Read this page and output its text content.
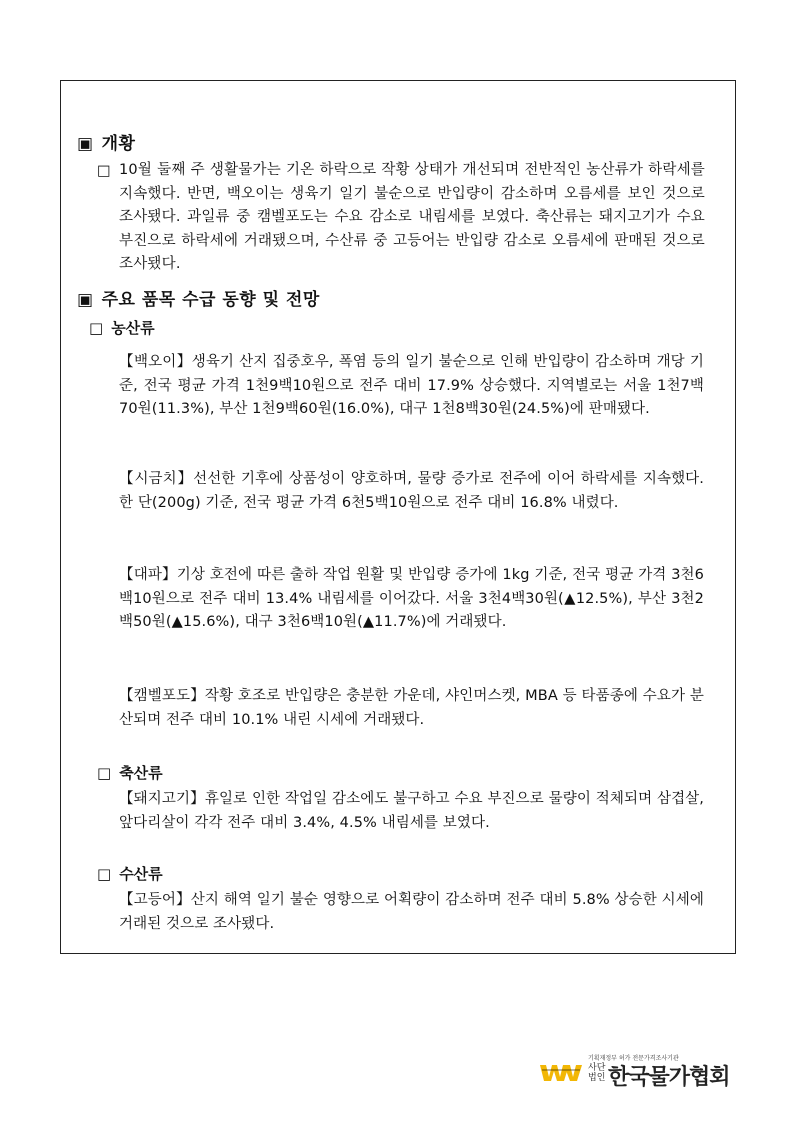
▣ 개황
□ 10월 둘째 주 생활물가는 기온 하락으로 작황 상태가 개선되며 전반적인 농산류가 하락세를 지속했다. 반면, 백오이는 생육기 일기 불순으로 반입량이 감소하며 오름세를 보인 것으로 조사됐다. 과일류 중 캠벨포도는 수요 감소로 내림세를 보였다. 축산류는 돼지고기가 수요 부진으로 하락세에 거래됐으며, 수산류 중 고등어는 반입량 감소로 오름세에 판매된 것으로 조사됐다.
▣ 주요 품목 수급 동향 및 전망
□ 농산류
【백오이】생육기 산지 집중호우, 폭염 등의 일기 불순으로 인해 반입량이 감소하며 개당 기준, 전국 평균 가격 1천9백10원으로 전주 대비 17.9% 상승했다. 지역별로는 서울 1천7백70원(11.3%), 부산 1천9백60원(16.0%), 대구 1천8백30원(24.5%)에 판매됐다.
【시금치】선선한 기후에 상품성이 양호하며, 물량 증가로 전주에 이어 하락세를 지속했다. 한 단(200g) 기준, 전국 평균 가격 6천5백10원으로 전주 대비 16.8% 내렸다.
【대파】기상 호전에 따른 출하 작업 원활 및 반입량 증가에 1kg 기준, 전국 평균 가격 3천6백10원으로 전주 대비 13.4% 내림세를 이어갔다. 서울 3천4백30원(▲12.5%), 부산 3천2백50원(▲15.6%), 대구 3천6백10원(▲11.7%)에 거래됐다.
【캠벨포도】작황 호조로 반입량은 충분한 가운데, 샤인머스켓, MBA 등 타품종에 수요가 분산되며 전주 대비 10.1% 내린 시세에 거래됐다.
□ 축산류
【돼지고기】휴일로 인한 작업일 감소에도 불구하고 수요 부진으로 물량이 적체되며 삼겹살, 앞다리살이 각각 전주 대비 3.4%, 4.5% 내림세를 보였다.
□ 수산류
【고등어】산지 해역 일기 불순 영향으로 어획량이 감소하며 전주 대비 5.8% 상승한 시세에 거래된 것으로 조사됐다.
기획재정부 허가 전문가격조사기관
사단법인 한국물가협회
